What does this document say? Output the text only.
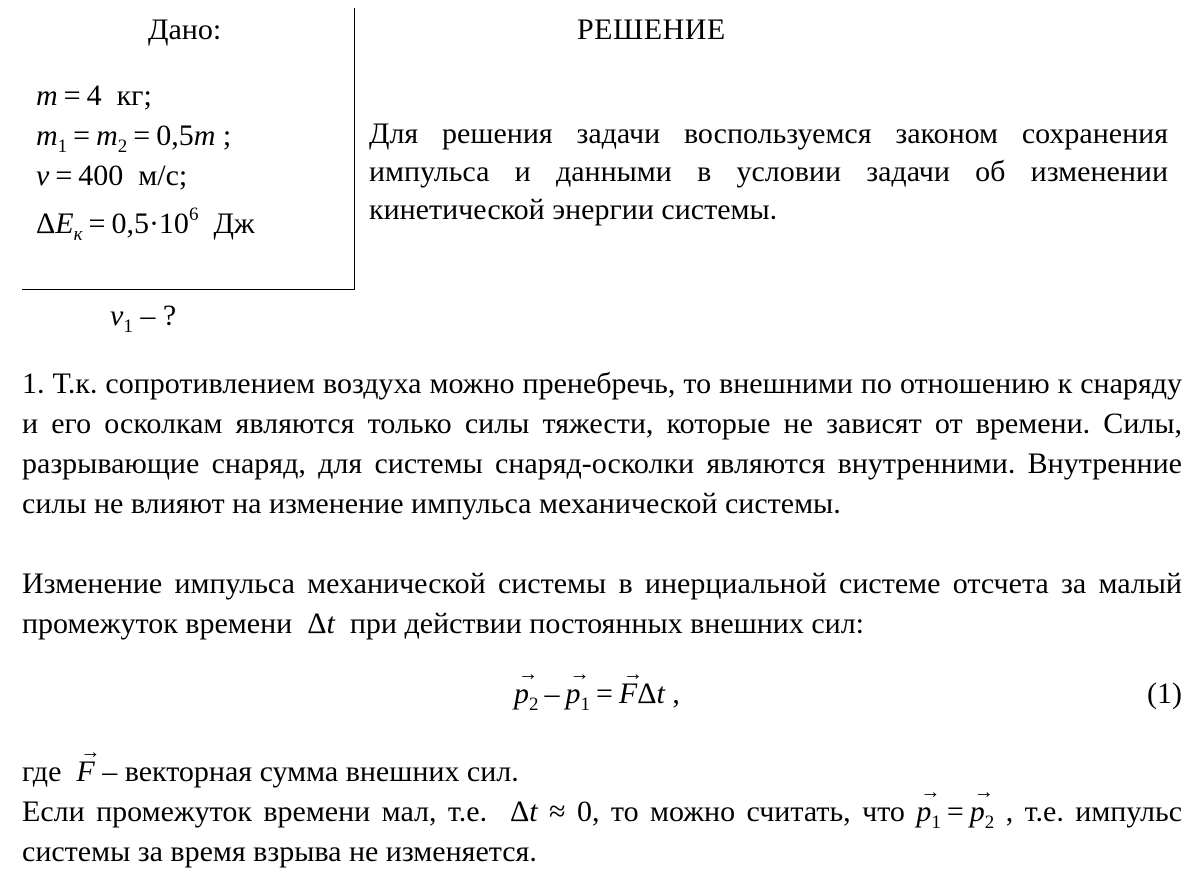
Дано:
m = 4  кг;
$m_1 = m_2 = 0,5m$ ;
v = 400  м/с;
$\Delta E_к = 0,5\cdot 10^6$  Дж
$v_1$ – ?
РЕШЕНИЕ
Для решения задачи воспользуемся законом сохранения импульса и данными в условии задачи об изменении кинетической энергии системы.
1. Т.к. сопротивлением воздуха можно пренебречь, то внешними по отношению к снаряду и его осколкам являются только силы тяжести, которые не зависят от времени. Силы, разрывающие снаряд, для системы снаряд-осколки являются внутренними. Внутренние силы не влияют на изменение импульса механической системы.
Изменение импульса механической системы в инерциальной системе отсчета за малый промежуток времени  Δt  при действии постоянных внешних сил:
→ $p_2 -\to p_1 =\to F\Delta t$ ,	(1)
где  → F – векторная сумма внешних сил.
Если промежуток времени мал, т.е.  Δt ≈ 0, то можно считать, что → $p_1 =\to p_2$ , т.е. импульс системы за время взрыва не изменяется.
